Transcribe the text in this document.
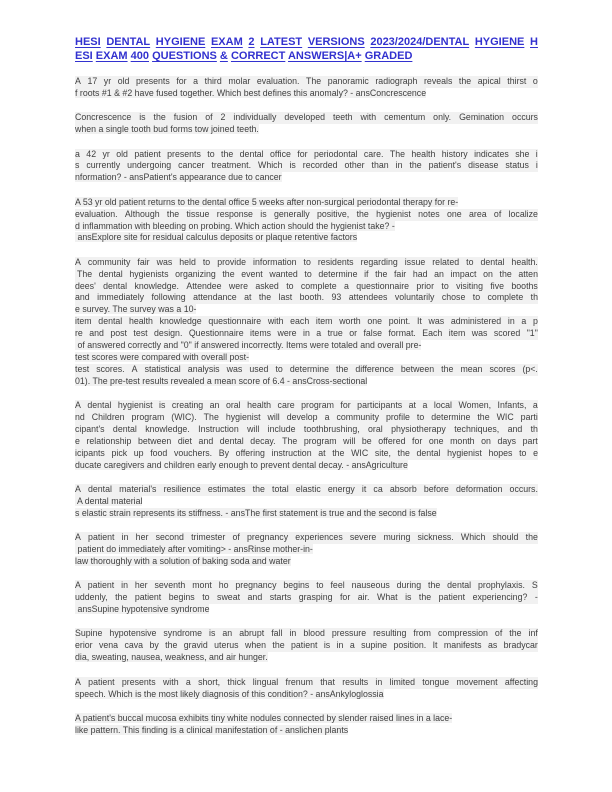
HESI DENTAL HYGIENE EXAM 2 LATEST VERSIONS 2023/2024/DENTAL HYGIENE H
ESI EXAM 400 QUESTIONS & CORRECT ANSWERS|A+ GRADED
A 17 yr old presents for a third molar evaluation. The panoramic radiograph reveals the apical thirst o
f roots #1 & #2 have fused together. Which best defines this anomaly? - ansConcrescence
Concrescence is the fusion of 2 individually developed teeth with cementum only. Gemination occurs
when a single tooth bud forms tow joined teeth.
a 42 yr old patient presents to the dental office for periodontal care. The health history indicates she i
s currently undergoing cancer treatment. Which is recorded other than in the patient's disease status i
nformation? - ansPatient's appearance due to cancer
A 53 yr old patient returns to the dental office 5 weeks after non-surgical periodontal therapy for re-
evaluation. Although the tissue response is generally positive, the hygienist notes one area of localize
d inflammation with bleeding on probing. Which action should the hygienist take? -
ansExplore site for residual calculus deposits or plaque retentive factors
A community fair was held to provide information to residents regarding issue related to dental health.
The dental hygienists organizing the event wanted to determine if the fair had an impact on the atten
dees' dental knowledge. Attendee were asked to complete a questionnaire prior to visiting five booths
and immediately following attendance at the last booth. 93 attendees voluntarily chose to complete th
e survey. The survey was a 10-
item dental health knowledge questionnaire with each item worth one point. It was administered in a p
re and post test design. Questionnaire items were in a true or false format. Each item was scored "1"
of answered correctly and "0" if answered incorrectly. Items were totaled and overall pre-
test scores were compared with overall post-
test scores. A statistical analysis was used to determine the difference between the mean scores (p<.
01). The pre-test results revealed a mean score of 6.4 - ansCross-sectional
A dental hygienist is creating an oral health care program for participants at a local Women, Infants, a
nd Children program (WIC). The hygienist will develop a community profile to determine the WIC parti
cipant's dental knowledge. Instruction will include toothbrushing, oral physiotherapy techniques, and th
e relationship between diet and dental decay. The program will be offered for one month on days part
icipants pick up food vouchers. By offering instruction at the WIC site, the dental hygienist hopes to e
ducate caregivers and children early enough to prevent dental decay. - ansAgriculture
A dental material's resilience estimates the total elastic energy it ca absorb before deformation occurs.
A dental material
s elastic strain represents its stiffness. - ansThe first statement is true and the second is false
A patient in her second trimester of pregnancy experiences severe muring sickness. Which should the
patient do immediately after vomiting> - ansRinse mother-in-
law thoroughly with a solution of baking soda and water
A patient in her seventh mont ho pregnancy begins to feel nauseous during the dental prophylaxis. S
uddenly, the patient begins to sweat and starts grasping for air. What is the patient experiencing? -
ansSupine hypotensive syndrome
Supine hypotensive syndrome is an abrupt fall in blood pressure resulting from compression of the inf
erior vena cava by the gravid uterus when the patient is in a supine position. It manifests as bradycar
dia, sweating, nausea, weakness, and air hunger.
A patient presents with a short, thick lingual frenum that results in limited tongue movement affecting
speech. Which is the most likely diagnosis of this condition? - ansAnkyloglossia
A patient's buccal mucosa exhibits tiny white nodules connected by slender raised lines in a lace-
like pattern. This finding is a clinical manifestation of - anslichen plants
